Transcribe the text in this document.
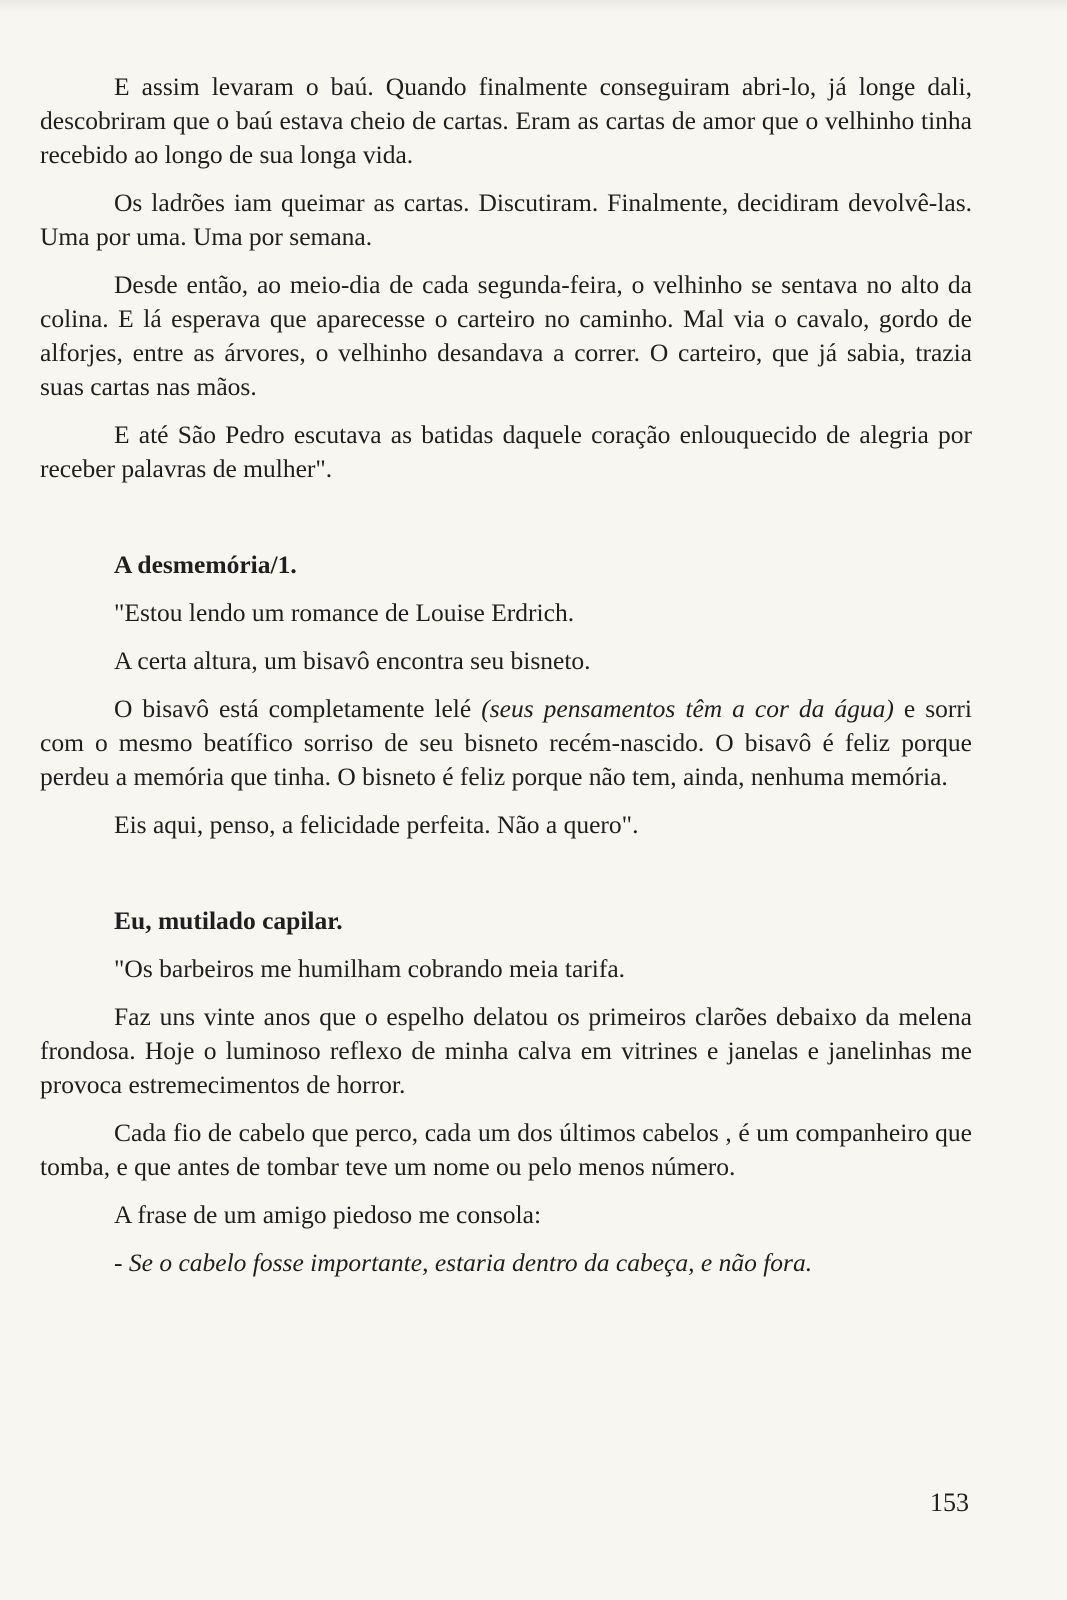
E assim levaram o baú. Quando finalmente conseguiram abri-lo, já longe dali, descobriram que o baú estava cheio de cartas. Eram as cartas de amor que o velhinho tinha recebido ao longo de sua longa vida.

Os ladrões iam queimar as cartas. Discutiram. Finalmente, decidiram devolvê-las. Uma por uma. Uma por semana.

Desde então, ao meio-dia de cada segunda-feira, o velhinho se sentava no alto da colina. E lá esperava que aparecesse o carteiro no caminho. Mal via o cavalo, gordo de alforjes, entre as árvores, o velhinho desandava a correr. O carteiro, que já sabia, trazia suas cartas nas mãos.

E até São Pedro escutava as batidas daquele coração enlouquecido de alegria por receber palavras de mulher".

A desmemória/1.

"Estou lendo um romance de Louise Erdrich.

A certa altura, um bisavô encontra seu bisneto.

O bisavô está completamente lelé (seus pensamentos têm a cor da água) e sorri com o mesmo beatífico sorriso de seu bisneto recém-nascido. O bisavô é feliz porque perdeu a memória que tinha. O bisneto é feliz porque não tem, ainda, nenhuma memória.

Eis aqui, penso, a felicidade perfeita. Não a quero".

Eu, mutilado capilar.

"Os barbeiros me humilham cobrando meia tarifa.

Faz uns vinte anos que o espelho delatou os primeiros clarões debaixo da melena frondosa. Hoje o luminoso reflexo de minha calva em vitrines e janelas e janelinhas me provoca estremecimentos de horror.

Cada fio de cabelo que perco, cada um dos últimos cabelos , é um companheiro que tomba, e que antes de tombar teve um nome ou pelo menos número.

A frase de um amigo piedoso me consola:

- Se o cabelo fosse importante, estaria dentro da cabeça, e não fora.

153
